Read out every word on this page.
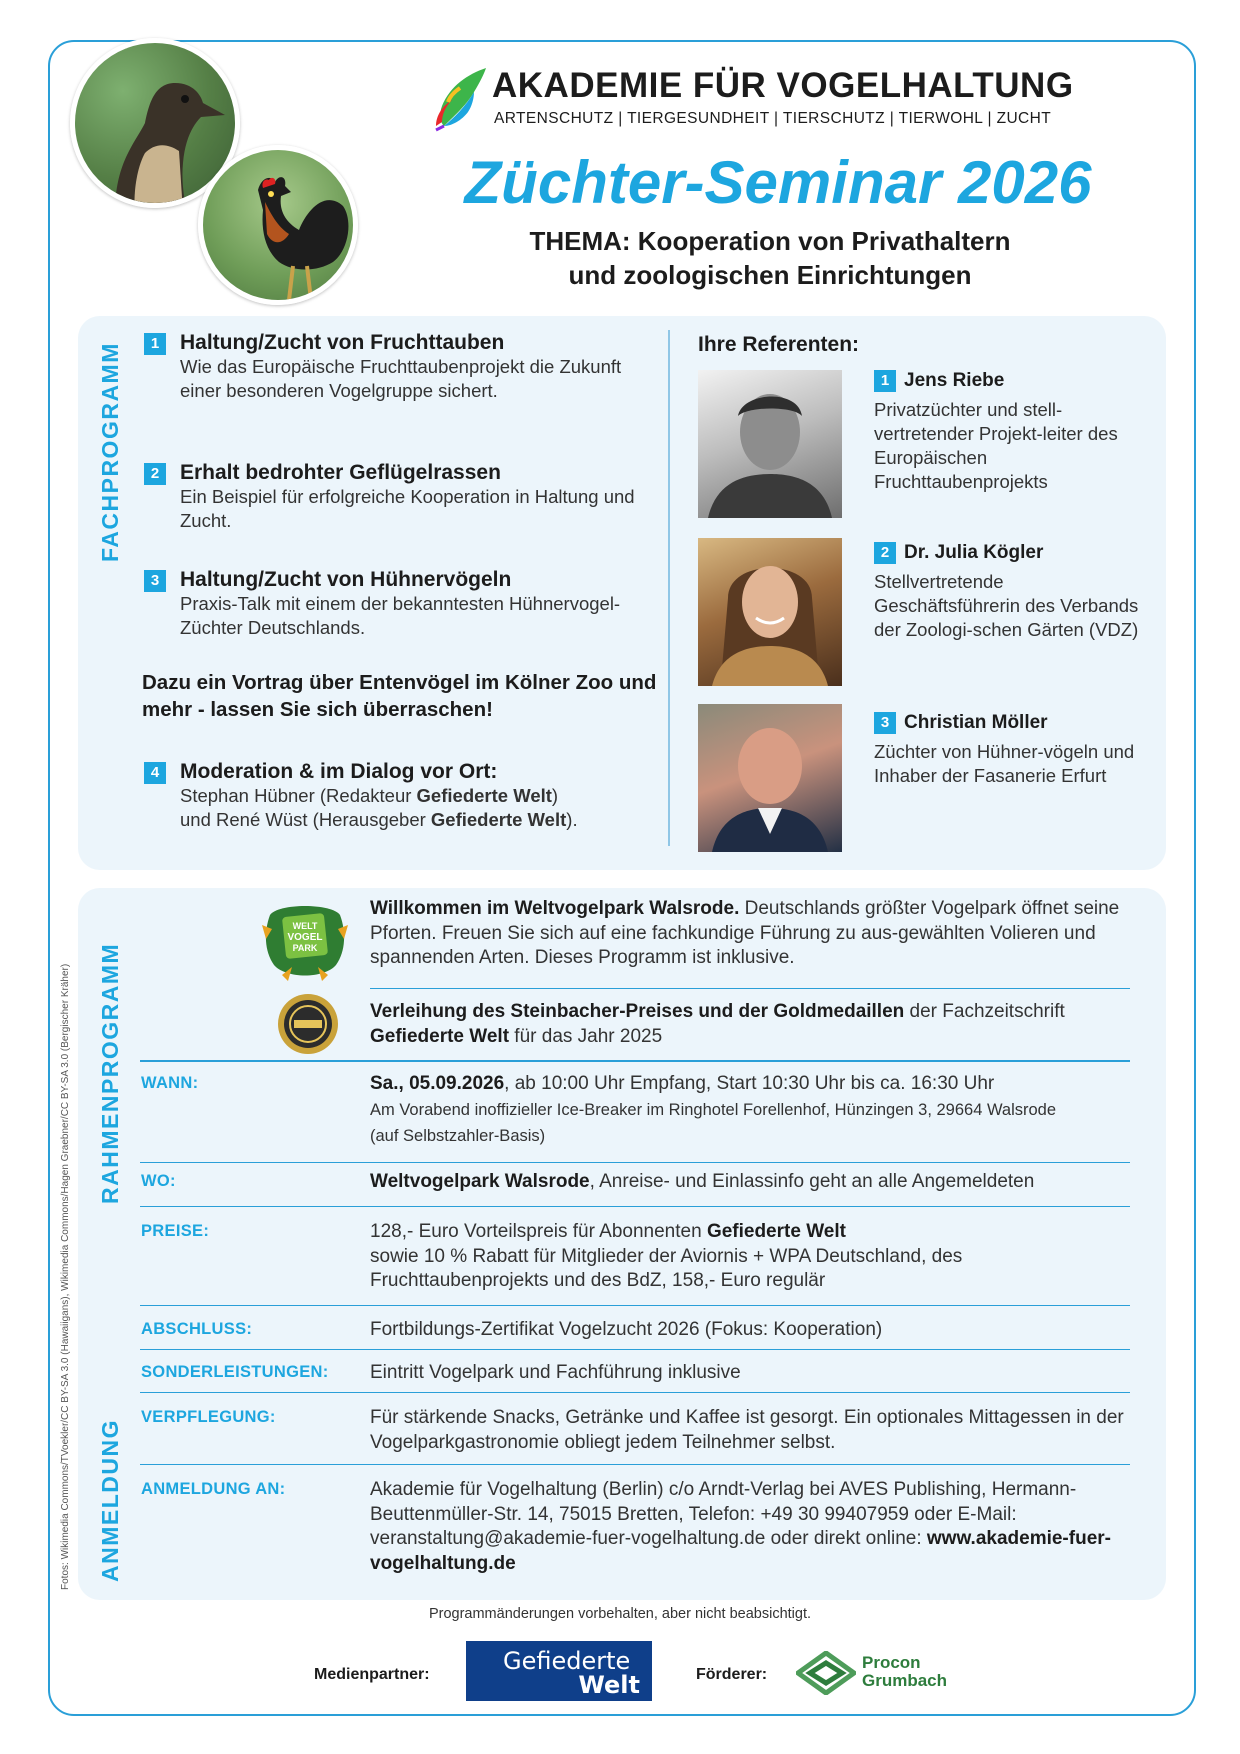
AKADEMIE FÜR VOGELHALTUNG
ARTENSCHUTZ | TIERGESUNDHEIT | TIERSCHUTZ | TIERWOHL | ZUCHT
Züchter-Seminar 2026
THEMA: Kooperation von Privathaltern
und zoologischen Einrichtungen
FACHPROGRAMM	1 Haltung/Zucht von Fruchttauben
Wie das Europäische Fruchttaubenprojekt die Zukunft einer besonderen Vogelgruppe sichert.
2 Erhalt bedrohter Geflügelrassen
Ein Beispiel für erfolgreiche Kooperation in Haltung und Zucht.
3 Haltung/Zucht von Hühnervögeln
Praxis-Talk mit einem der bekanntesten Hühnervogel-Züchter Deutschlands.
Dazu ein Vortrag über Entenvögel im Kölner Zoo und mehr - lassen Sie sich überraschen!
4 Moderation & im Dialog vor Ort:
Stephan Hübner (Redakteur Gefiederte Welt)
und René Wüst (Herausgeber Gefiederte Welt).
Ihre Referenten:
1 Jens Riebe
Privatzüchter und stell-vertretender Projekt-leiter des Europäischen Fruchttaubenprojekts
2 Dr. Julia Kögler
Stellvertretende Geschäftsführerin des Verbands der Zoologi-schen Gärten (VDZ)
3 Christian Möller
Züchter von Hühner-vögeln und Inhaber der Fasanerie Erfurt
Fotos: Wikimedia Commons/TVoekler/CC BY-SA 3.0 (Hawaiigans), Wikimedia Commons/Hagen Graebner/CC BY-SA 3.0 (Bergischer Kräher) RAHMENPROGRAMM
ANMELDUNG
WELT
VOGEL
PARK
Willkommen im Weltvogelpark Walsrode. Deutschlands größter Vogelpark öffnet seine Pforten. Freuen Sie sich auf eine fachkundige Führung zu aus-gewählten Volieren und spannenden Arten. Dieses Programm ist inklusive.
Verleihung des Steinbacher-Preises und der Goldmedaillen der Fachzeitschrift Gefiederte Welt für das Jahr 2025
WANN:	Sa., 05.09.2026, ab 10:00 Uhr Empfang, Start 10:30 Uhr bis ca. 16:30 Uhr
Am Vorabend inoffizieller Ice-Breaker im Ringhotel Forellenhof, Hünzingen 3, 29664 Walsrode (auf Selbstzahler-Basis)
WO:	Weltvogelpark Walsrode, Anreise- und Einlassinfo geht an alle Angemeldeten
PREISE:	128,- Euro Vorteilspreis für Abonnenten Gefiederte Welt
sowie 10 % Rabatt für Mitglieder der Aviornis + WPA Deutschland, des Fruchttaubenprojekts und des BdZ, 158,- Euro regulär
ABSCHLUSS:	Fortbildungs-Zertifikat Vogelzucht 2026 (Fokus: Kooperation)
SONDERLEISTUNGEN: Eintritt Vogelpark und Fachführung inklusive
VERPFLEGUNG:	Für stärkende Snacks, Getränke und Kaffee ist gesorgt. Ein optionales Mittagessen in der Vogelparkgastronomie obliegt jedem Teilnehmer selbst.
ANMELDUNG AN:	Akademie für Vogelhaltung (Berlin) c/o Arndt-Verlag bei AVES Publishing, Hermann-Beuttenmüller-Str. 14, 75015 Bretten, Telefon: +49 30 99407959 oder E-Mail: veranstaltung@akademie-fuer-vogelhaltung.de oder direkt online: www.akademie-fuer-vogelhaltung.de
Programmänderungen vorbehalten, aber nicht beabsichtigt.
Medienpartner:	Gefiederte
Welt	Förderer:
Procon
Grumbach
